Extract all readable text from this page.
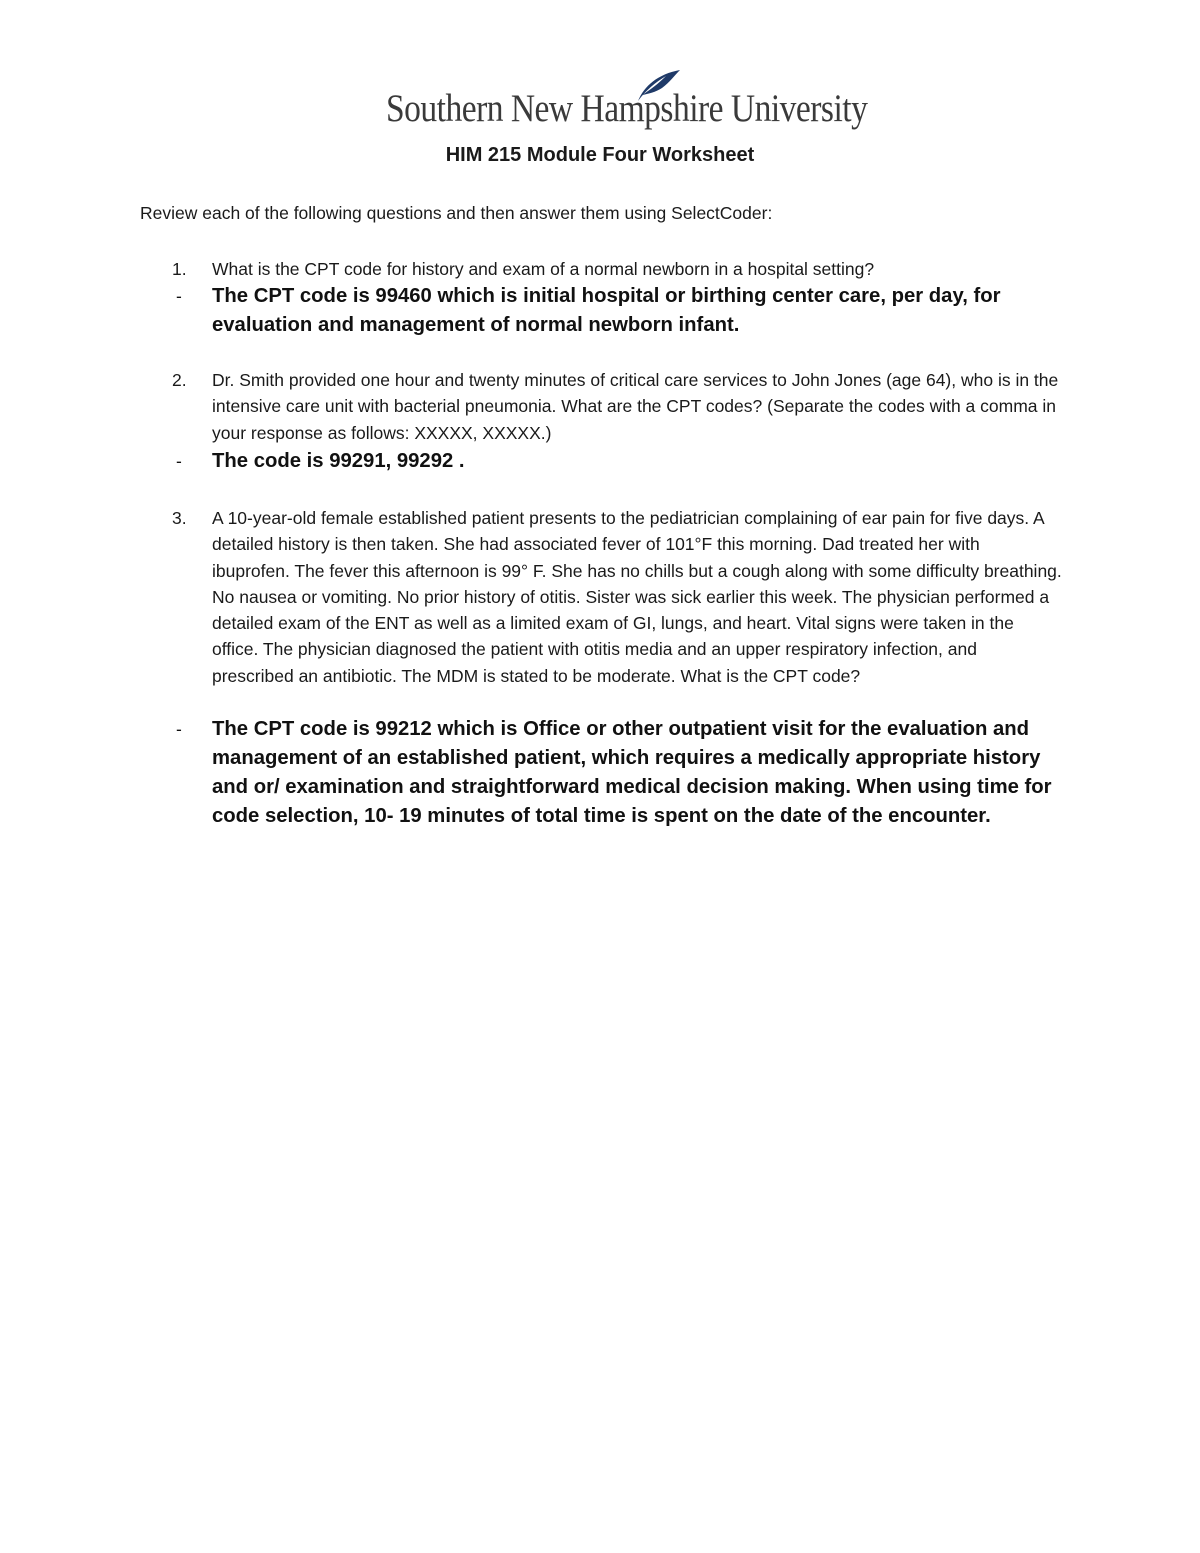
Southern New Hampshire University
HIM 215 Module Four Worksheet
Review each of the following questions and then answer them using SelectCoder:
1. What is the CPT code for history and exam of a normal newborn in a hospital setting?
- The CPT code is 99460 which is initial hospital or birthing center care, per day, for evaluation and management of normal newborn infant.
2. Dr. Smith provided one hour and twenty minutes of critical care services to John Jones (age 64), who is in the intensive care unit with bacterial pneumonia. What are the CPT codes? (Separate the codes with a comma in your response as follows: XXXXX, XXXXX.)
- The code is 99291, 99292 .
3. A 10-year-old female established patient presents to the pediatrician complaining of ear pain for five days. A detailed history is then taken. She had associated fever of 101°F this morning. Dad treated her with ibuprofen. The fever this afternoon is 99° F. She has no chills but a cough along with some difficulty breathing. No nausea or vomiting. No prior history of otitis. Sister was sick earlier this week. The physician performed a detailed exam of the ENT as well as a limited exam of GI, lungs, and heart. Vital signs were taken in the office. The physician diagnosed the patient with otitis media and an upper respiratory infection, and prescribed an antibiotic. The MDM is stated to be moderate. What is the CPT code?
- The CPT code is 99212 which is Office or other outpatient visit for the evaluation and management of an established patient, which requires a medically appropriate history and or/ examination and straightforward medical decision making. When using time for code selection, 10- 19 minutes of total time is spent on the date of the encounter.
